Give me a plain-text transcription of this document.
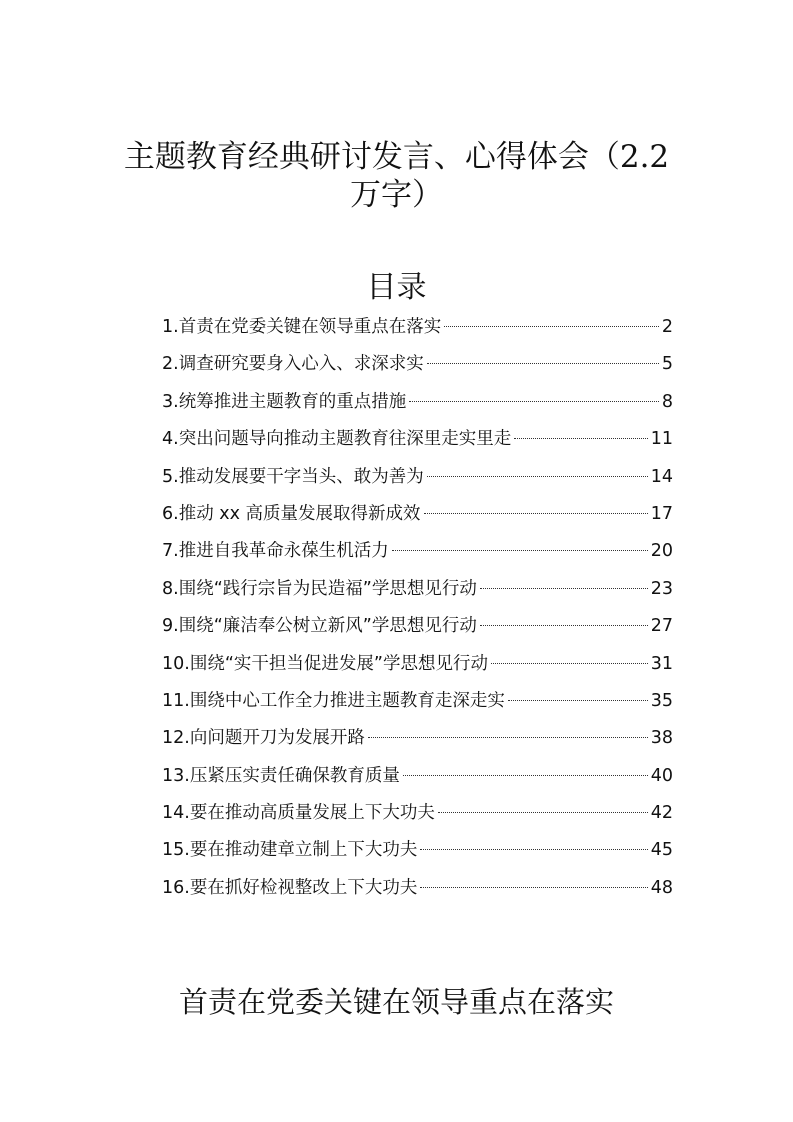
主题教育经典研讨发言、心得体会（2.2 万字）
目录
1.首责在党委关键在领导重点在落实	2
2.调查研究要身入心入、求深求实	5
3.统筹推进主题教育的重点措施	8
4.突出问题导向推动主题教育往深里走实里走	11
5.推动发展要干字当头、敢为善为	14
6.推动 xx 高质量发展取得新成效	17
7.推进自我革命永葆生机活力	20
8.围绕“践行宗旨为民造福”学思想见行动	23
9.围绕“廉洁奉公树立新风”学思想见行动	27
10.围绕“实干担当促进发展”学思想见行动	31
11.围绕中心工作全力推进主题教育走深走实	35
12.向问题开刀为发展开路	38
13.压紧压实责任确保教育质量	40
14.要在推动高质量发展上下大功夫	42
15.要在推动建章立制上下大功夫	45
16.要在抓好检视整改上下大功夫	48
首责在党委关键在领导重点在落实
